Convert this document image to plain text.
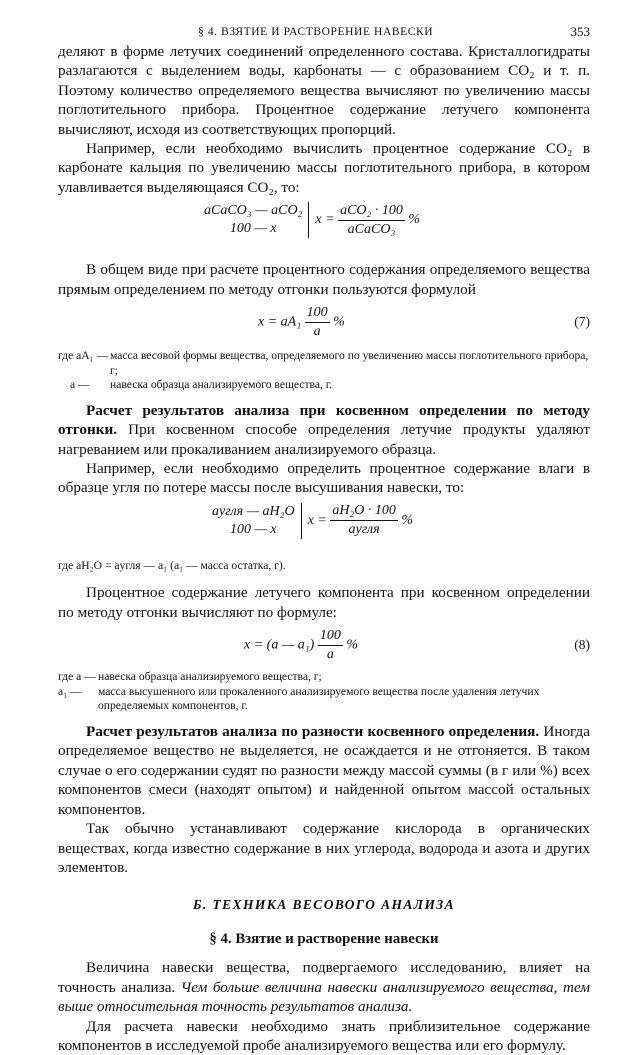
§ 4. ВЗЯТИЕ И РАСТВОРЕНИЕ НАВЕСКИ	353

деляют в форме летучих соединений определенного состава. Кристаллогидраты разлагаются с выделением воды, карбонаты — с образованием CO₂ и т. п. Поэтому количество определяемого вещества вычисляют по увеличению массы поглотительного прибора. Процентное содержание летучего компонента вычисляют, исходя из соответствующих пропорций.

Например, если необходимо вычислить процентное содержание CO₂ в карбонате кальция по увеличению массы поглотительного прибора, в котором улавливается выделяющаяся CO₂, то:

aCaCO₃ — aCO₂
100 — x
$x = \frac{\text{aCO₂ · 100}}{\text{aCaCO₃}}$ %

В общем виде при расчете процентного содержания определяемого вещества прямым определением по методу отгонки пользуются формулой

$x = aA_1 \frac{100}{a}$ %	(7)
где aA₁ — масса весовой формы вещества, определяемого по увеличению массы поглотительного прибора, г;
a — навеска образца анализируемого вещества, г.

Расчет результатов анализа при косвенном определении по методу отгонки. При косвенном способе определения летучие продукты удаляют нагреванием или прокаливанием анализируемого образца.

Например, если необходимо определить процентное содержание влаги в образце угля по потере массы после высушивания навески, то:

aугля — aH₂O
100 — x
$x = \frac{\text{aH₂O · 100}}{\text{aугля}}$ %

где aH₂O = aугля — a₁ (a₁ — масса остатка, г).

Процентное содержание летучего компонента при косвенном определении по методу отгонки вычисляют по формуле:

x = (a — $a_1) \frac{100}{a}$ %	(8)
где a — навеска образца анализируемого вещества, г;
a₁ — масса высушенного или прокаленного анализируемого вещества после удаления летучих определяемых компонентов, г.

Расчет результатов анализа по разности косвенного определения. Иногда определяемое вещество не выделяется, не осаждается и не отгоняется. В таком случае о его содержании судят по разности между массой суммы (в г или %) всех компонентов смеси (находят опытом) и найденной опытом массой остальных компонентов.

Так обычно устанавливают содержание кислорода в органических веществах, когда известно содержание в них углерода, водорода и азота и других элементов.

Б. ТЕХНИКА ВЕСОВОГО АНАЛИЗА
§ 4. Взятие и растворение навески

Величина навески вещества, подвергаемого исследованию, влияет на точность анализа. Чем больше величина навески анализируемого вещества, тем выше относительная точность результатов анализа.

Для расчета навески необходимо знать приблизительное содержание компонентов в исследуемой пробе анализируемого вещества или его формулу.
